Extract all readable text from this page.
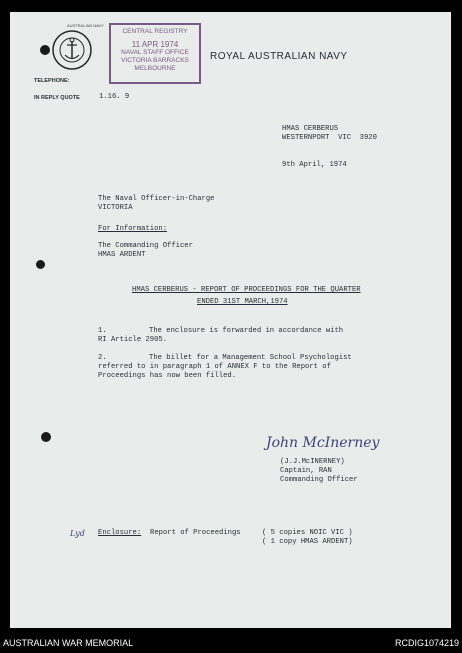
AUSTRALIAN NAVY
CENTRAL REGISTRY
11 APR 1974
NAVAL STAFF OFFICE
VICTORIA BARRACKS
MELBOURNE
ROYAL AUSTRALIAN NAVY
TELEPHONE:
IN REPLY QUOTE	1.16. 9
HMAS CERBERUS
WESTERNPORT  VIC  3920
9th April, 1974
The Naval Officer-in-Charge
VICTORIA
For Information:
The Commanding Officer
HMAS ARDENT
HMAS CERBERUS - REPORT OF PROCEEDINGS FOR THE QUARTER
ENDED 31ST MARCH,1974
1.	The enclosure is forwarded in accordance with
RI Article 2905.
2.	The billet for a Management School Psychologist
referred to in paragraph 1 of ANNEX F to the Report of
Proceedings has now been filled.
John McInerney
(J.J.McINERNEY)
Captain, RAN
Commanding Officer
Lyd Enclosure: Report of Proceedings	( 5 copies NOIC VIC )
( 1 copy HMAS ARDENT)
AUSTRALIAN WAR MEMORIAL	RCDIG1074219
